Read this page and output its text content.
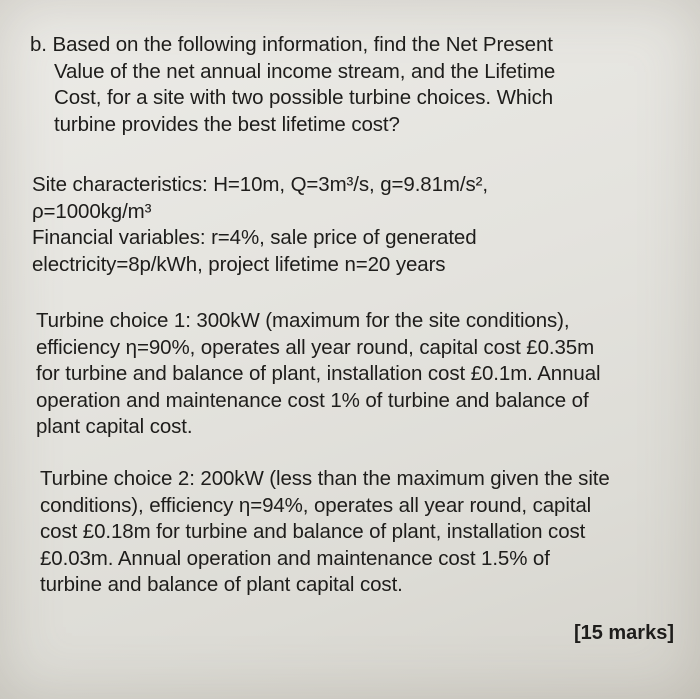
b. Based on the following information, find the Net Present
Value of the net annual income stream, and the Lifetime
Cost, for a site with two possible turbine choices. Which
turbine provides the best lifetime cost?
Site characteristics: H=10m, Q=3m³/s, g=9.81m/s²,
ρ=1000kg/m³
Financial variables: r=4%, sale price of generated
electricity=8p/kWh, project lifetime n=20 years
Turbine choice 1: 300kW (maximum for the site conditions),
efficiency η=90%, operates all year round, capital cost £0.35m
for turbine and balance of plant, installation cost £0.1m. Annual
operation and maintenance cost 1% of turbine and balance of
plant capital cost.
Turbine choice 2: 200kW (less than the maximum given the site
conditions), efficiency η=94%, operates all year round, capital
cost £0.18m for turbine and balance of plant, installation cost
£0.03m. Annual operation and maintenance cost 1.5% of
turbine and balance of plant capital cost.
[15 marks]
